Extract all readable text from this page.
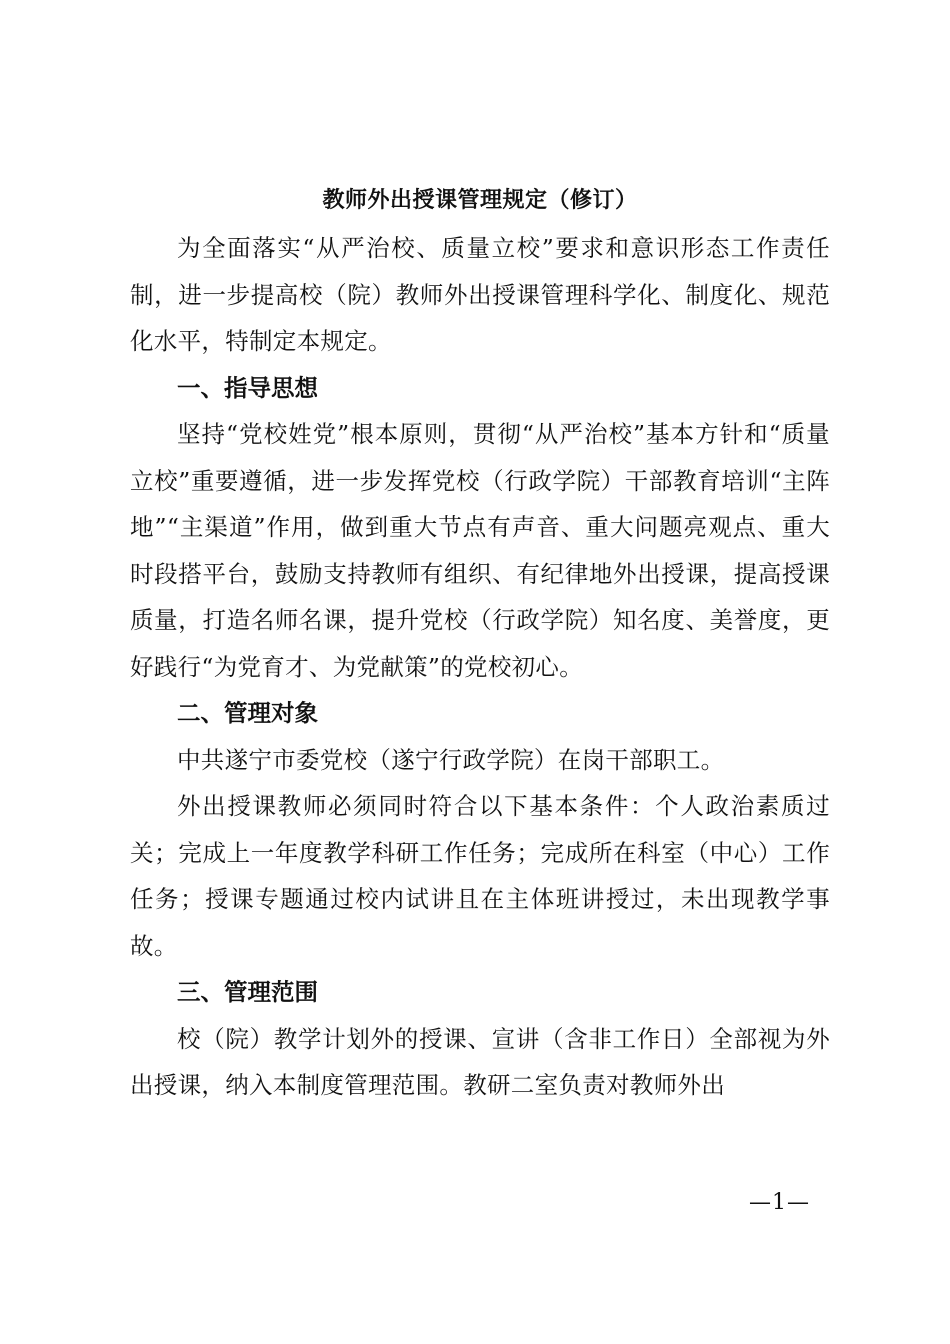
教师外出授课管理规定（修订）

为全面落实“从严治校、质量立校”要求和意识形态工作责任制，进一步提高校（院）教师外出授课管理科学化、制度化、规范化水平，特制定本规定。

一、指导思想

坚持“党校姓党”根本原则，贯彻“从严治校”基本方针和“质量立校”重要遵循，进一步发挥党校（行政学院）干部教育培训“主阵地”“主渠道”作用，做到重大节点有声音、重大问题亮观点、重大时段搭平台，鼓励支持教师有组织、有纪律地外出授课，提高授课质量，打造名师名课，提升党校（行政学院）知名度、美誉度，更好践行“为党育才、为党献策”的党校初心。

二、管理对象

中共遂宁市委党校（遂宁行政学院）在岗干部职工。

外出授课教师必须同时符合以下基本条件：个人政治素质过关；完成上一年度教学科研工作任务；完成所在科室（中心）工作任务；授课专题通过校内试讲且在主体班讲授过，未出现教学事故。

三、管理范围

校（院）教学计划外的授课、宣讲（含非工作日）全部视为外出授课，纳入本制度管理范围。教研二室负责对教师外出

—1—
